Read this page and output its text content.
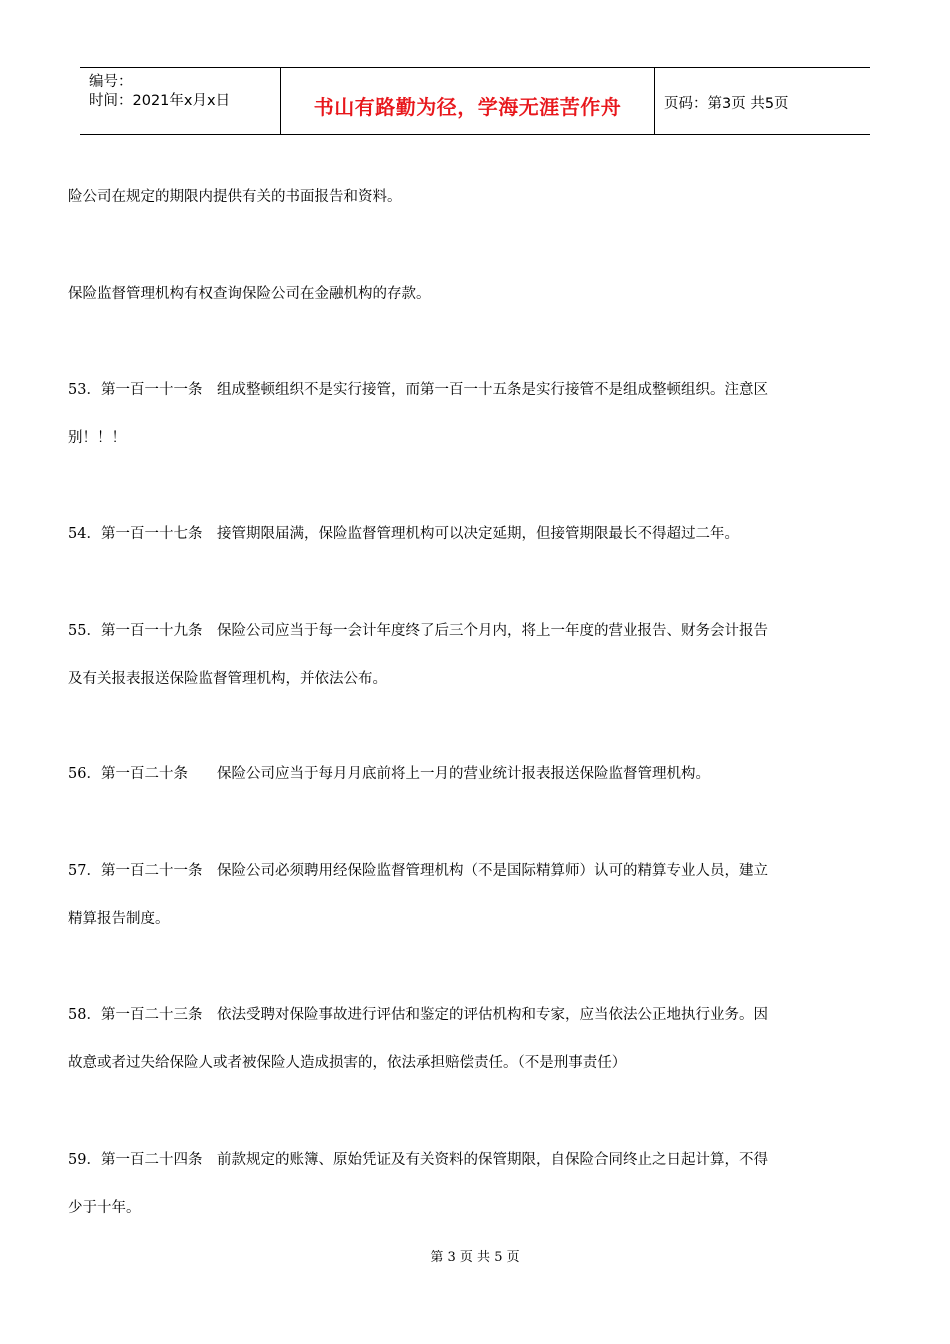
编号：
时间：2021年x月x日	书山有路勤为径，学海无涯苦作舟	页码：第3页 共5页
险公司在规定的期限内提供有关的书面报告和资料。
保险监督管理机构有权查询保险公司在金融机构的存款。
53．第一百一十一条　组成整顿组织不是实行接管，而第一百一十五条是实行接管不是组成整顿组织。注意区
别！！！
54．第一百一十七条　接管期限届满，保险监督管理机构可以决定延期，但接管期限最长不得超过二年。
55．第一百一十九条　保险公司应当于每一会计年度终了后三个月内，将上一年度的营业报告、财务会计报告
及有关报表报送保险监督管理机构，并依法公布。
56．第一百二十条　　保险公司应当于每月月底前将上一月的营业统计报表报送保险监督管理机构。
57．第一百二十一条　保险公司必须聘用经保险监督管理机构（不是国际精算师）认可的精算专业人员，建立
精算报告制度。
58．第一百二十三条　依法受聘对保险事故进行评估和鉴定的评估机构和专家，应当依法公正地执行业务。因
故意或者过失给保险人或者被保险人造成损害的，依法承担赔偿责任。（不是刑事责任）
59．第一百二十四条　前款规定的账簿、原始凭证及有关资料的保管期限，自保险合同终止之日起计算，不得
少于十年。
第 3 页 共 5 页
